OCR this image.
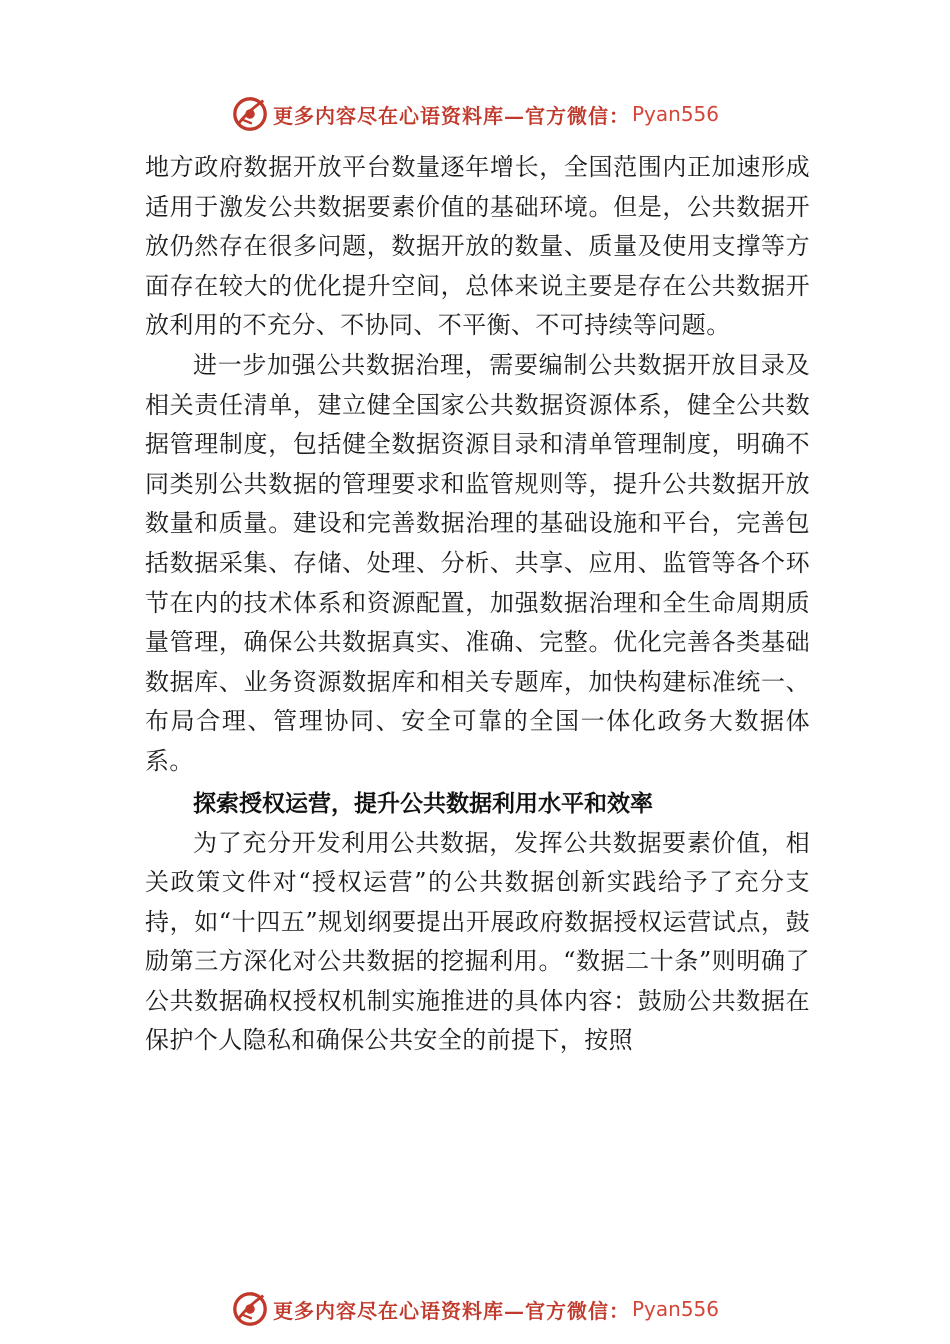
更多内容尽在心语资料库—官方微信： Pyan556

地方政府数据开放平台数量逐年增长，全国范围内正加速形成适用于激发公共数据要素价值的基础环境。但是，公共数据开放仍然存在很多问题，数据开放的数量、质量及使用支撑等方面存在较大的优化提升空间，总体来说主要是存在公共数据开放利用的不充分、不协同、不平衡、不可持续等问题。

进一步加强公共数据治理，需要编制公共数据开放目录及相关责任清单，建立健全国家公共数据资源体系，健全公共数据管理制度，包括健全数据资源目录和清单管理制度，明确不同类别公共数据的管理要求和监管规则等，提升公共数据开放数量和质量。建设和完善数据治理的基础设施和平台，完善包括数据采集、存储、处理、分析、共享、应用、监管等各个环节在内的技术体系和资源配置，加强数据治理和全生命周期质量管理，确保公共数据真实、准确、完整。优化完善各类基础数据库、业务资源数据库和相关专题库，加快构建标准统一、布局合理、管理协同、安全可靠的全国一体化政务大数据体系。

探索授权运营，提升公共数据利用水平和效率

为了充分开发利用公共数据，发挥公共数据要素价值，相关政策文件对“授权运营”的公共数据创新实践给予了充分支持，如“十四五”规划纲要提出开展政府数据授权运营试点，鼓励第三方深化对公共数据的挖掘利用。“数据二十条”则明确了公共数据确权授权机制实施推进的具体内容：鼓励公共数据在保护个人隐私和确保公共安全的前提下，按照

更多内容尽在心语资料库—官方微信： Pyan556
